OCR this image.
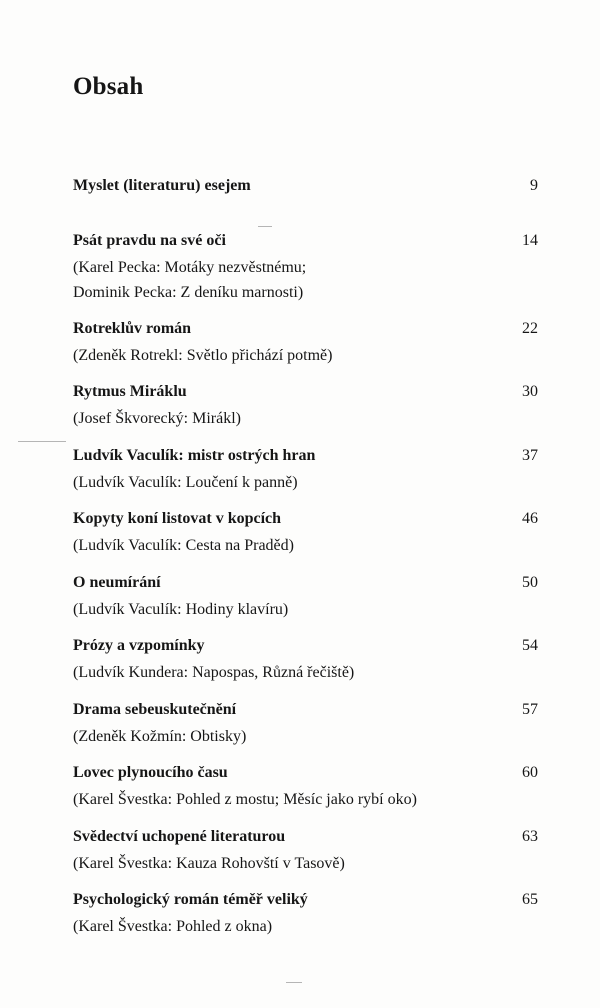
Obsah
Myslet (literaturu) esejem	9
Psát pravdu na své oči	14
(Karel Pecka: Motáky nezvěstnému;
Dominik Pecka: Z deníku marnosti)
Rotreklův román	22
(Zdeněk Rotrekl: Světlo přichází potmě)
Rytmus Miráklu	30
(Josef Škvorecký: Mirákl)
Ludvík Vaculík: mistr ostrých hran	37
(Ludvík Vaculík: Loučení k panně)
Kopyty koní listovat v kopcích	46
(Ludvík Vaculík: Cesta na Praděd)
O neumírání	50
(Ludvík Vaculík: Hodiny klavíru)
Prózy a vzpomínky	54
(Ludvík Kundera: Napospas, Různá řečiště)
Drama sebeuskutečnění	57
(Zdeněk Kožmín: Obtisky)
Lovec plynoucího času	60
(Karel Švestka: Pohled z mostu; Měsíc jako rybí oko)
Svědectví uchopené literaturou	63
(Karel Švestka: Kauza Rohovští v Tasově)
Psychologický román téměř veliký	65
(Karel Švestka: Pohled z okna)
